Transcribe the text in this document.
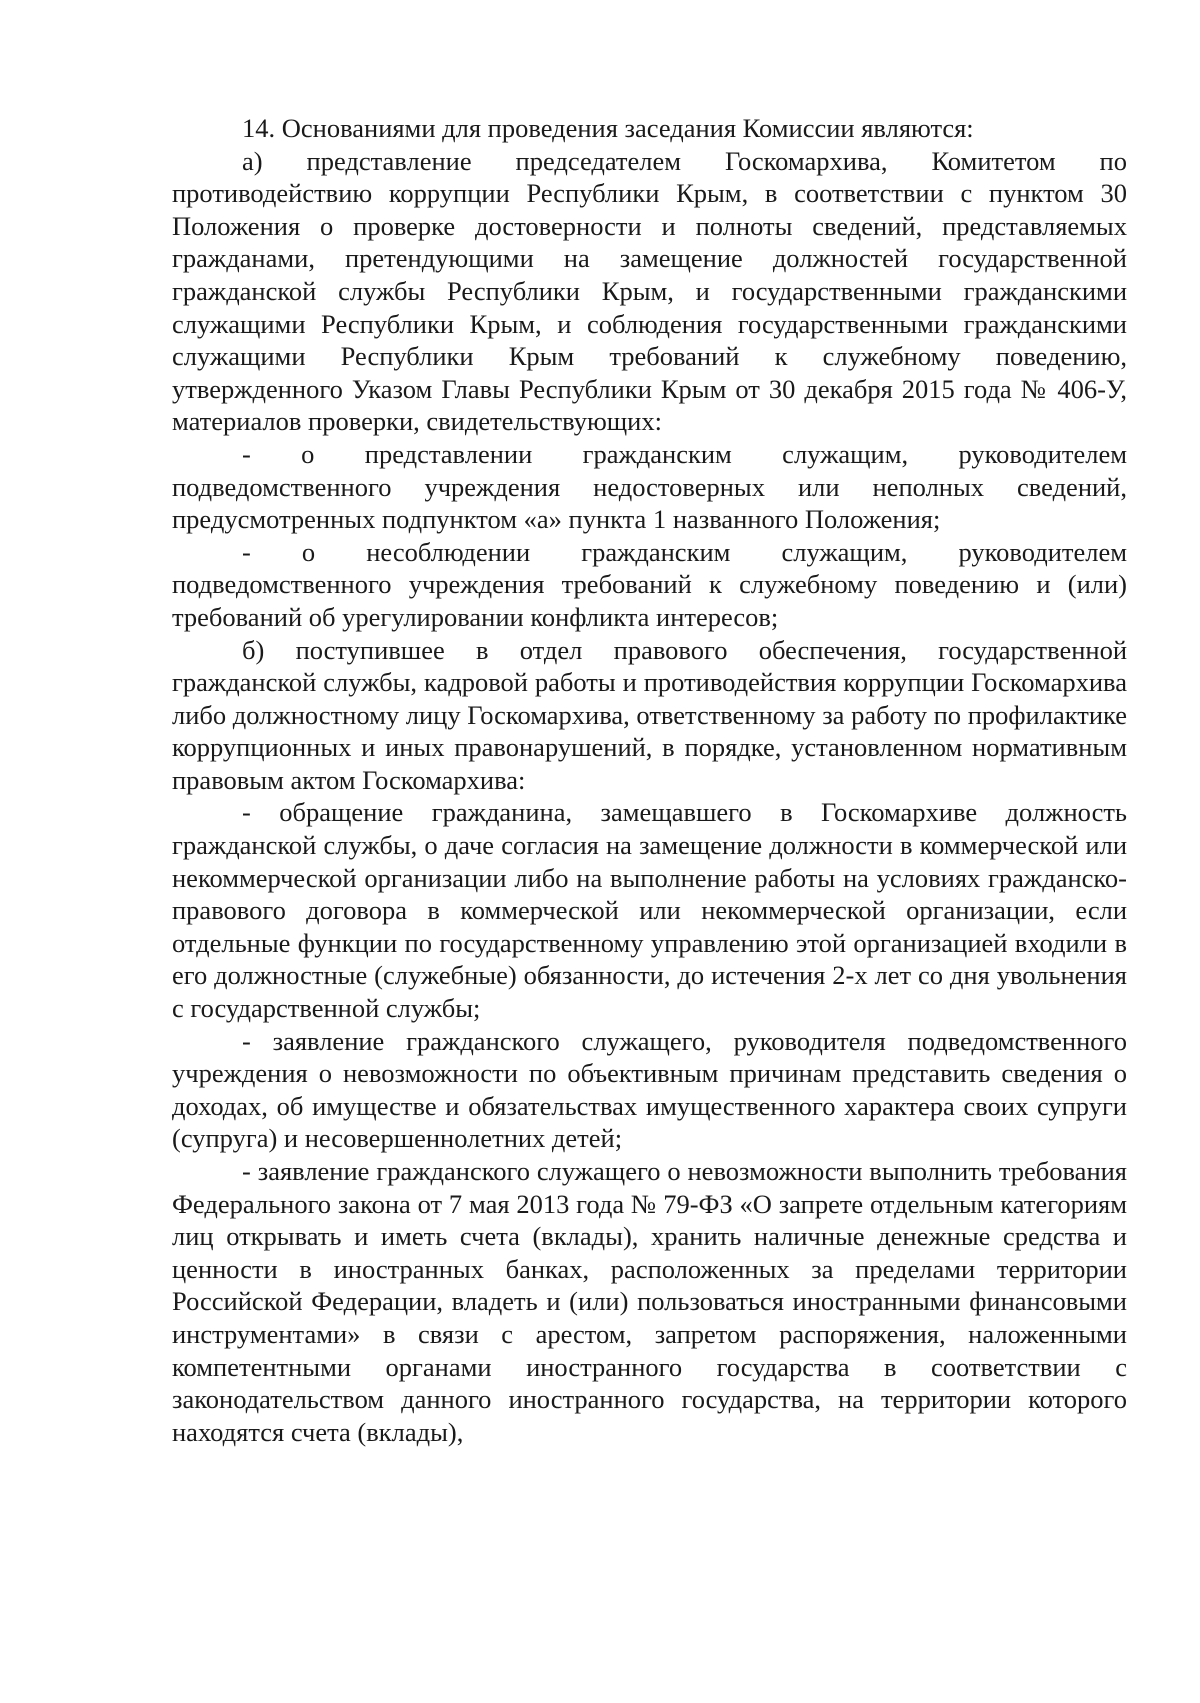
14. Основаниями для проведения заседания Комиссии являются:

а) представление председателем Госкомархива, Комитетом по противодействию коррупции Республики Крым, в соответствии с пунктом 30 Положения о проверке достоверности и полноты сведений, представляемых гражданами, претендующими на замещение должностей государственной гражданской службы Республики Крым, и государственными гражданскими служащими Республики Крым, и соблюдения государственными гражданскими служащими Республики Крым требований к служебному поведению, утвержденного Указом Главы Республики Крым от 30 декабря 2015 года № 406-У, материалов проверки, свидетельствующих:

- о представлении гражданским служащим, руководителем подведомственного учреждения недостоверных или неполных сведений, предусмотренных подпунктом «а» пункта 1 названного Положения;

- о несоблюдении гражданским служащим, руководителем подведомственного учреждения требований к служебному поведению и (или) требований об урегулировании конфликта интересов;

б) поступившее в отдел правового обеспечения, государственной гражданской службы, кадровой работы и противодействия коррупции Госкомархива либо должностному лицу Госкомархива, ответственному за работу по профилактике коррупционных и иных правонарушений, в порядке, установленном нормативным правовым актом Госкомархива:

- обращение гражданина, замещавшего в Госкомархиве должность гражданской службы, о даче согласия на замещение должности в коммерческой или некоммерческой организации либо на выполнение работы на условиях гражданско-правового договора в коммерческой или некоммерческой организации, если отдельные функции по государственному управлению этой организацией входили в его должностные (служебные) обязанности, до истечения 2-х лет со дня увольнения с государственной службы;

- заявление гражданского служащего, руководителя подведомственного учреждения о невозможности по объективным причинам представить сведения о доходах, об имуществе и обязательствах имущественного характера своих супруги (супруга) и несовершеннолетних детей;

- заявление гражданского служащего о невозможности выполнить требования Федерального закона от 7 мая 2013 года № 79-ФЗ «О запрете отдельным категориям лиц открывать и иметь счета (вклады), хранить наличные денежные средства и ценности в иностранных банках, расположенных за пределами территории Российской Федерации, владеть и (или) пользоваться иностранными финансовыми инструментами» в связи с арестом, запретом распоряжения, наложенными компетентными органами иностранного государства в соответствии с законодательством данного иностранного государства, на территории которого находятся счета (вклады),
